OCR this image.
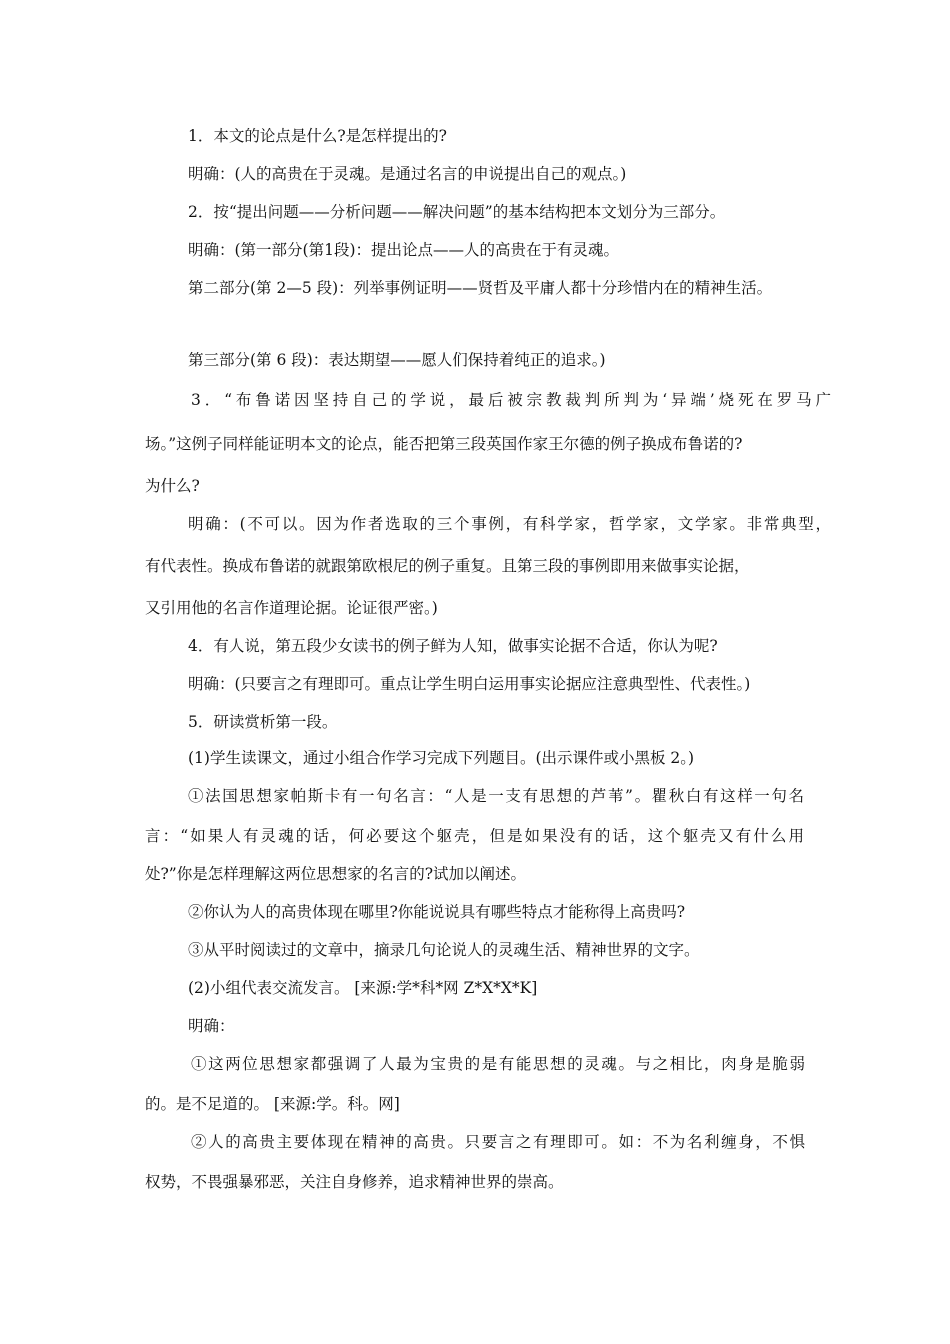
1．本文的论点是什么?是怎样提出的?

明确：(人的高贵在于灵魂。是通过名言的申说提出自己的观点。)

2．按“提出问题——分析问题——解决问题”的基本结构把本文划分为三部分。

明确：(第一部分(第1段)：提出论点——人的高贵在于有灵魂。

第二部分(第 2—5 段)：列举事例证明——贤哲及平庸人都十分珍惜内在的精神生活。

第三部分(第 6 段)：表达期望——愿人们保持着纯正的追求。)

3．“布鲁诺因坚持自己的学说，最后被宗教裁判所判为‘异端’烧死在罗马广

场。”这例子同样能证明本文的论点，能否把第三段英国作家王尔德的例子换成布鲁诺的?

为什么?

明确：(不可以。因为作者选取的三个事例，有科学家，哲学家，文学家。非常典型，

有代表性。换成布鲁诺的就跟第欧根尼的例子重复。且第三段的事例即用来做事实论据，

又引用他的名言作道理论据。论证很严密。)

4．有人说，第五段少女读书的例子鲜为人知，做事实论据不合适，你认为呢?

明确：(只要言之有理即可。重点让学生明白运用事实论据应注意典型性、代表性。)

5．研读赏析第一段。

(1)学生读课文，通过小组合作学习完成下列题目。(出示课件或小黑板 2。)

①法国思想家帕斯卡有一句名言：“人是一支有思想的芦苇”。瞿秋白有这样一句名

言：“如果人有灵魂的话，何必要这个躯壳，但是如果没有的话，这个躯壳又有什么用

处?”你是怎样理解这两位思想家的名言的?试加以阐述。

②你认为人的高贵体现在哪里?你能说说具有哪些特点才能称得上高贵吗?

③从平时阅读过的文章中，摘录几句论说人的灵魂生活、精神世界的文字。

(2)小组代表交流发言。 [来源:学*科*网 Z*X*X*K]

明确：

①这两位思想家都强调了人最为宝贵的是有能思想的灵魂。与之相比，肉身是脆弱

的。是不足道的。 [来源:学。科。网]

②人的高贵主要体现在精神的高贵。只要言之有理即可。如：不为名利缠身，不惧

权势，不畏强暴邪恶，关注自身修养，追求精神世界的崇高。
